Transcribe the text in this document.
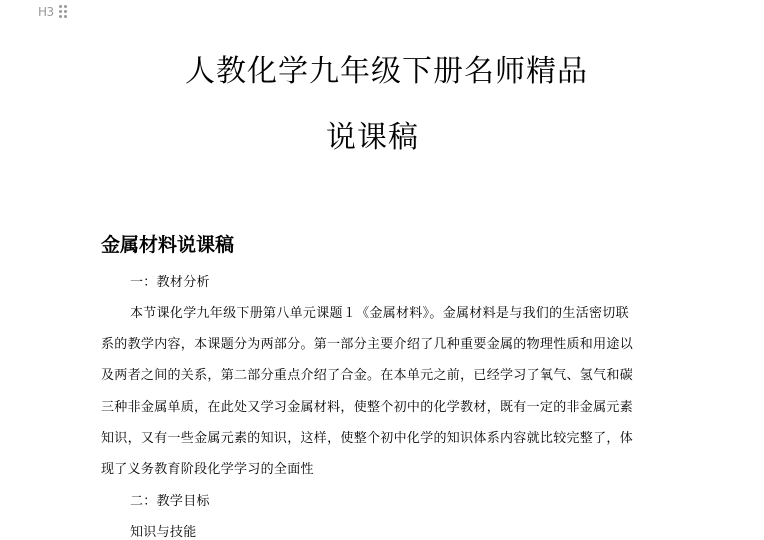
H3
人教化学九年级下册名师精品
说课稿
金属材料说课稿
一：教材分析
本节课化学九年级下册第八单元课题１《金属材料》。金属材料是与我们的生活密切联
系的教学内容，本课题分为两部分。第一部分主要介绍了几种重要金属的物理性质和用途以
及两者之间的关系，第二部分重点介绍了合金。在本单元之前，已经学习了氧气、氢气和碳
三种非金属单质，在此处又学习金属材料，使整个初中的化学教材，既有一定的非金属元素
知识，又有一些金属元素的知识，这样，使整个初中化学的知识体系内容就比较完整了，体
现了义务教育阶段化学学习的全面性
二：教学目标
知识与技能
